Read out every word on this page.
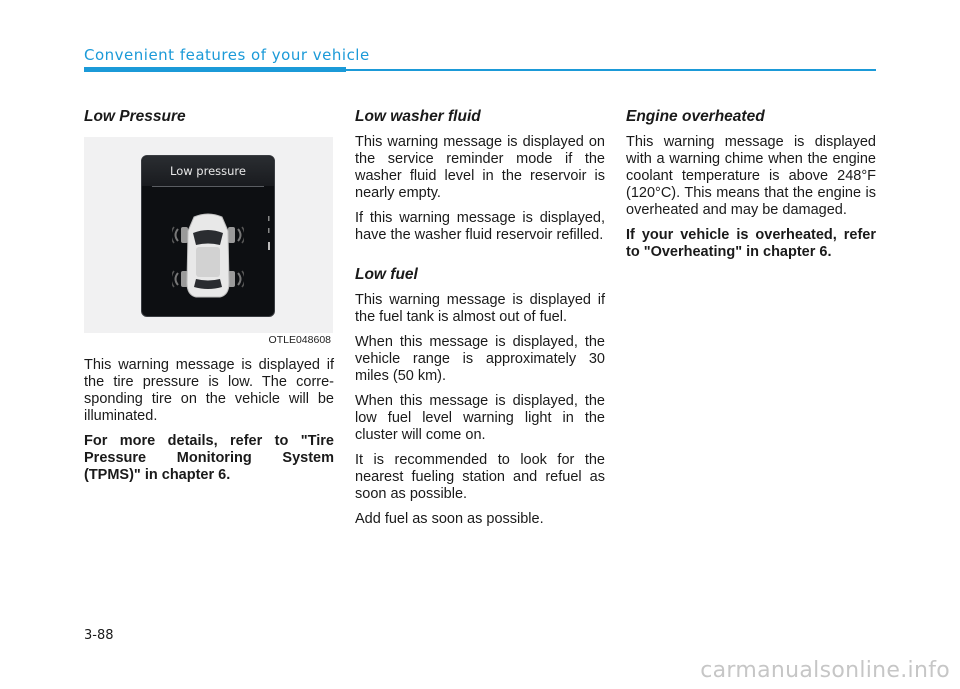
Convenient features of your vehicle
Low Pressure
Low pressure
OTLE048608

This warning message is displayed if the tire pressure is low. The corre-sponding tire on the vehicle will be illuminated.

For more details, refer to "Tire Pressure Monitoring System (TPMS)" in chapter 6.

Low washer fluid

This warning message is displayed on the service reminder mode if the washer fluid level in the reservoir is nearly empty.

If this warning message is displayed, have the washer fluid reservoir refilled.

Low fuel

This warning message is displayed if the fuel tank is almost out of fuel.

When this message is displayed, the vehicle range is approximately 30 miles (50 km).

When this message is displayed, the low fuel level warning light in the cluster will come on.

It is recommended to look for the nearest fueling station and refuel as soon as possible.

Add fuel as soon as possible.

Engine overheated

This warning message is displayed with a warning chime when the engine coolant temperature is above 248°F (120°C). This means that the engine is overheated and may be damaged.

If your vehicle is overheated, refer to "Overheating" in chapter 6.

3-88
carmanualsonline.info
